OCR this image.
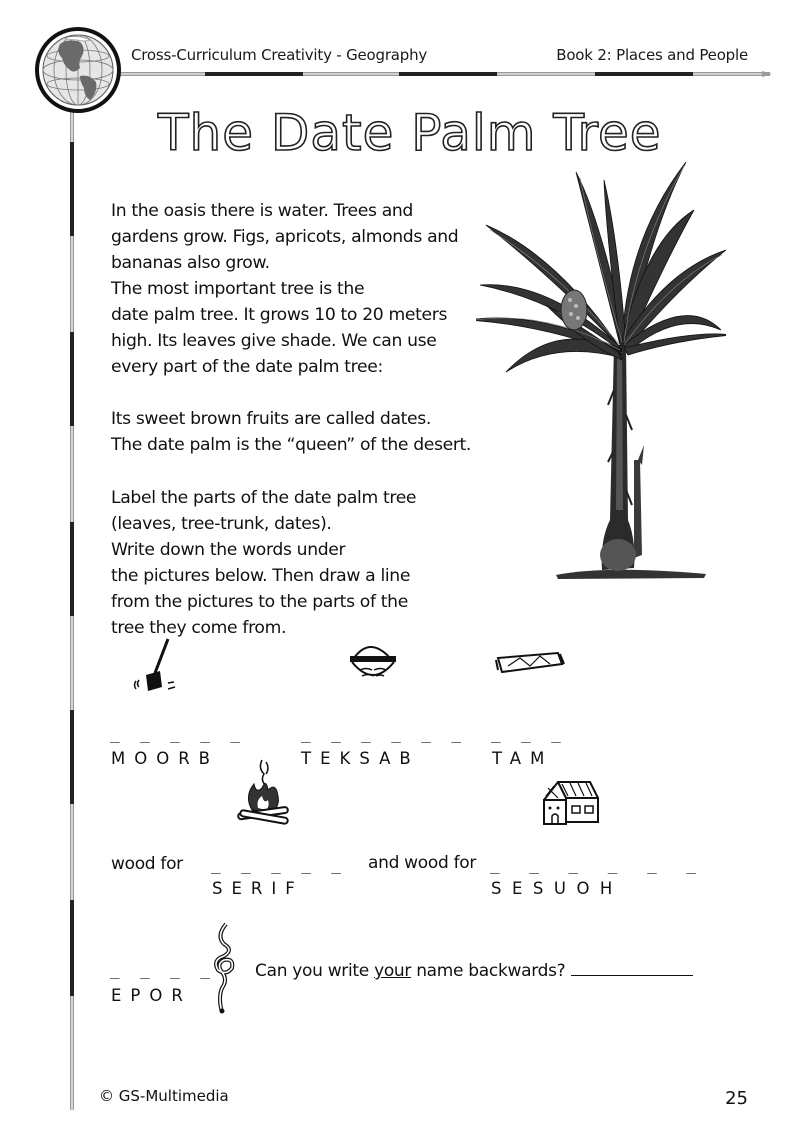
Cross-Curriculum Creativity - Geography	Book 2: Places and People
The Date Palm Tree
In the oasis there is water. Trees and
gardens grow. Figs, apricots, almonds and
bananas also grow.
The most important tree is the
date palm tree. It grows 10 to 20 meters
high. Its leaves give shade. We can use
every part of the date palm tree:
Its sweet brown fruits are called dates.
The date palm is the “queen” of the desert.
Label the parts of the date palm tree
(leaves, tree-trunk, dates).
Write down the words under
the pictures below. Then draw a line
from the pictures to the parts of the
tree they come from.
_ _ _ _ _
MOORB
_ _ _ _ _ _
TEKSAB
_ _ _
TAM
wood for _ _ _ _ _
SERIF
and wood for _ _ _ _ _ _
SESUOH
_ _ _ _
EPOR
Can you write your name backwards?
© GS-Multimedia	25
